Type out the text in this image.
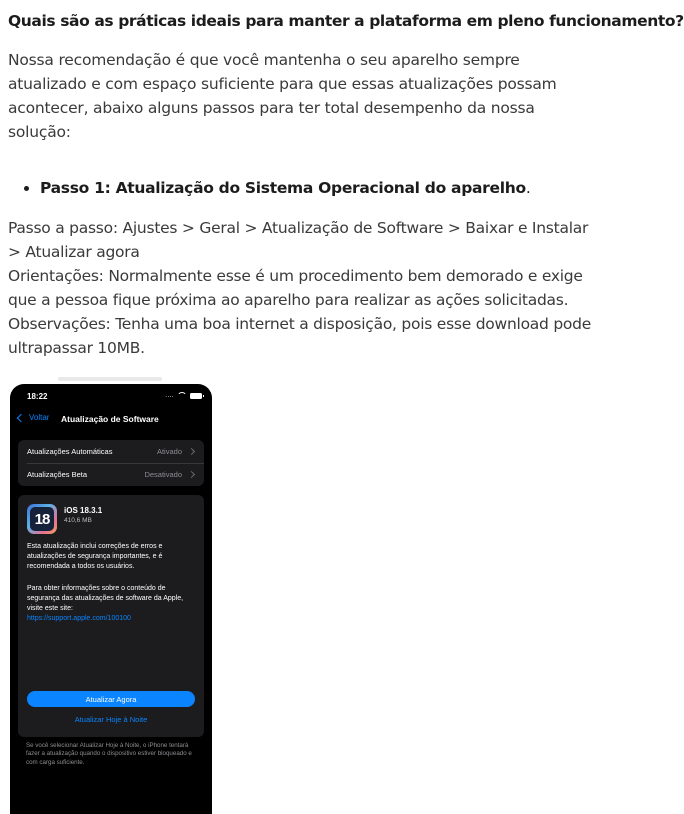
Quais são as práticas ideais para manter a plataforma em pleno funcionamento?

Nossa recomendação é que você mantenha o seu aparelho sempre atualizado e com espaço suficiente para que essas atualizações possam acontecer, abaixo alguns passos para ter total desempenho da nossa solução:

• Passo 1: Atualização do Sistema Operacional do aparelho.

Passo a passo: Ajustes > Geral > Atualização de Software > Baixar e Instalar > Atualizar agora

Orientações: Normalmente esse é um procedimento bem demorado e exige que a pessoa fique próxima ao aparelho para realizar as ações solicitadas.

Observações: Tenha uma boa internet a disposição, pois esse download pode ultrapassar 10MB.

18:22	....
Voltar Atualização de Software
Atualizações Automáticas	Ativado
Atualizações Beta	Desativado
18	iOS 18.3.1
410,6 MB

Esta atualização inclui correções de erros e atualizações de segurança importantes, e é recomendada a todos os usuários.

Para obter informações sobre o conteúdo de segurança das atualizações de software da Apple, visite este site:

https://support.apple.com/100100
Atualizar Agora
Atualizar Hoje à Noite

Se você selecionar Atualizar Hoje à Noite, o iPhone tentará fazer a atualização quando o dispositivo estiver bloqueado e com carga suficiente.
